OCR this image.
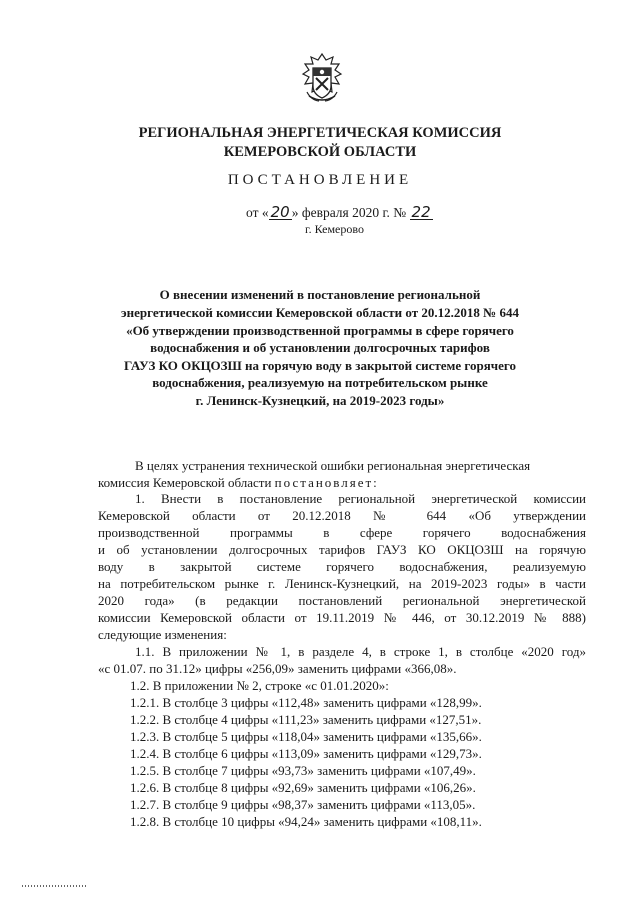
РЕГИОНАЛЬНАЯ ЭНЕРГЕТИЧЕСКАЯ КОМИССИЯ
КЕМЕРОВСКОЙ ОБЛАСТИ
ПОСТАНОВЛЕНИЕ
от « 20 » февраля 2020 г. № 22
г. Кемерово
О внесении изменений в постановление региональной
энергетической комиссии Кемеровской области от 20.12.2018 № 644
«Об утверждении производственной программы в сфере горячего
водоснабжения и об установлении долгосрочных тарифов
ГАУЗ КО ОКЦОЗШ на горячую воду в закрытой системе горячего
водоснабжения, реализуемую на потребительском рынке
г. Ленинск-Кузнецкий, на 2019-2023 годы»
В целях устранения технической ошибки региональная энергетическая
комиссия Кемеровской области постановляет:
1. Внести в постановление региональной энергетической комиссии
Кемеровской области от 20.12.2018 № 644 «Об утверждении
производственной программы в сфере горячего водоснабжения
и об установлении долгосрочных тарифов ГАУЗ КО ОКЦОЗШ на горячую
воду в закрытой системе горячего водоснабжения, реализуемую
на потребительском рынке г. Ленинск-Кузнецкий, на 2019-2023 годы» в части
2020 года» (в редакции постановлений региональной энергетической
комиссии Кемеровской области от 19.11.2019 № 446, от 30.12.2019 № 888)
следующие изменения:
1.1. В приложении № 1, в разделе 4, в строке 1, в столбце «2020 год»
«с 01.07. по 31.12» цифры «256,09» заменить цифрами «366,08».
1.2. В приложении № 2, строке «с 01.01.2020»:
1.2.1. В столбце 3 цифры «112,48» заменить цифрами «128,99».
1.2.2. В столбце 4 цифры «111,23» заменить цифрами «127,51».
1.2.3. В столбце 5 цифры «118,04» заменить цифрами «135,66».
1.2.4. В столбце 6 цифры «113,09» заменить цифрами «129,73».
1.2.5. В столбце 7 цифры «93,73» заменить цифрами «107,49».
1.2.6. В столбце 8 цифры «92,69» заменить цифрами «106,26».
1.2.7. В столбце 9 цифры «98,37» заменить цифрами «113,05».
1.2.8. В столбце 10 цифры «94,24» заменить цифрами «108,11».
